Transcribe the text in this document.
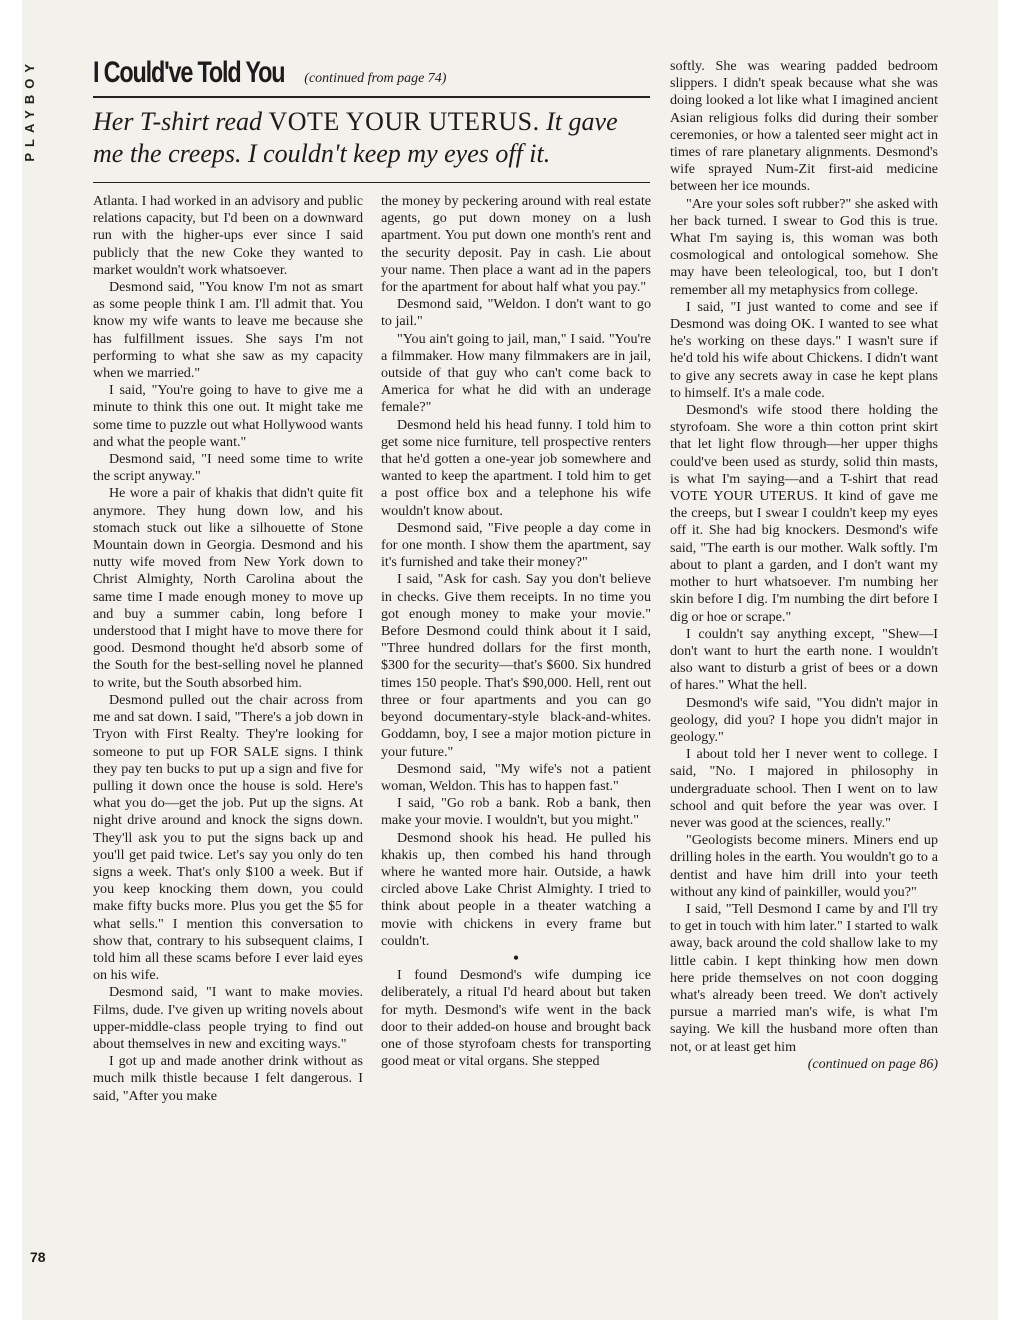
PLAYBOY
78
I Could've Told You (continued from page 74)
Her T-shirt read VOTE YOUR UTERUS. It gave me the creeps. I couldn't keep my eyes off it.

Atlanta. I had worked in an advisory and public relations capacity, but I'd been on a downward run with the higher-ups ever since I said publicly that the new Coke they wanted to market wouldn't work whatsoever.

Desmond said, "You know I'm not as smart as some people think I am. I'll admit that. You know my wife wants to leave me because she has fulfillment issues. She says I'm not performing to what she saw as my capacity when we married."

I said, "You're going to have to give me a minute to think this one out. It might take me some time to puzzle out what Hollywood wants and what the people want."

Desmond said, "I need some time to write the script anyway."

He wore a pair of khakis that didn't quite fit anymore. They hung down low, and his stomach stuck out like a silhouette of Stone Mountain down in Georgia. Desmond and his nutty wife moved from New York down to Christ Almighty, North Carolina about the same time I made enough money to move up and buy a summer cabin, long before I understood that I might have to move there for good. Desmond thought he'd absorb some of the South for the best-selling novel he planned to write, but the South absorbed him.

Desmond pulled out the chair across from me and sat down. I said, "There's a job down in Tryon with First Realty. They're looking for someone to put up FOR SALE signs. I think they pay ten bucks to put up a sign and five for pulling it down once the house is sold. Here's what you do—get the job. Put up the signs. At night drive around and knock the signs down. They'll ask you to put the signs back up and you'll get paid twice. Let's say you only do ten signs a week. That's only $100 a week. But if you keep knocking them down, you could make fifty bucks more. Plus you get the $5 for what sells." I mention this conversation to show that, contrary to his subsequent claims, I told him all these scams before I ever laid eyes on his wife.

Desmond said, "I want to make movies. Films, dude. I've given up writing novels about upper-middle-class people trying to find out about themselves in new and exciting ways."

I got up and made another drink without as much milk thistle because I felt dangerous. I said, "After you make

the money by peckering around with real estate agents, go put down money on a lush apartment. You put down one month's rent and the security deposit. Pay in cash. Lie about your name. Then place a want ad in the papers for the apartment for about half what you pay."

Desmond said, "Weldon. I don't want to go to jail."

"You ain't going to jail, man," I said. "You're a filmmaker. How many filmmakers are in jail, outside of that guy who can't come back to America for what he did with an underage female?"

Desmond held his head funny. I told him to get some nice furniture, tell prospective renters that he'd gotten a one-year job somewhere and wanted to keep the apartment. I told him to get a post office box and a telephone his wife wouldn't know about.

Desmond said, "Five people a day come in for one month. I show them the apartment, say it's furnished and take their money?"

I said, "Ask for cash. Say you don't believe in checks. Give them receipts. In no time you got enough money to make your movie." Before Desmond could think about it I said, "Three hundred dollars for the first month, $300 for the security—that's $600. Six hundred times 150 people. That's $90,000. Hell, rent out three or four apartments and you can go beyond documentary-style black-and-whites. Goddamn, boy, I see a major motion picture in your future."

Desmond said, "My wife's not a patient woman, Weldon. This has to happen fast."

I said, "Go rob a bank. Rob a bank, then make your movie. I wouldn't, but you might."

Desmond shook his head. He pulled his khakis up, then combed his hand through where he wanted more hair. Outside, a hawk circled above Lake Christ Almighty. I tried to think about people in a theater watching a movie with chickens in every frame but couldn't.

•

I found Desmond's wife dumping ice deliberately, a ritual I'd heard about but taken for myth. Desmond's wife went in the back door to their added-on house and brought back one of those styrofoam chests for transporting good meat or vital organs. She stepped

softly. She was wearing padded bedroom slippers. I didn't speak because what she was doing looked a lot like what I imagined ancient Asian religious folks did during their somber ceremonies, or how a talented seer might act in times of rare planetary alignments. Desmond's wife sprayed Num-Zit first-aid medicine between her ice mounds.

"Are your soles soft rubber?" she asked with her back turned. I swear to God this is true. What I'm saying is, this woman was both cosmological and ontological somehow. She may have been teleological, too, but I don't remember all my metaphysics from college.

I said, "I just wanted to come and see if Desmond was doing OK. I wanted to see what he's working on these days." I wasn't sure if he'd told his wife about Chickens. I didn't want to give any secrets away in case he kept plans to himself. It's a male code.

Desmond's wife stood there holding the styrofoam. She wore a thin cotton print skirt that let light flow through—her upper thighs could've been used as sturdy, solid thin masts, is what I'm saying—and a T-shirt that read VOTE YOUR UTERUS. It kind of gave me the creeps, but I swear I couldn't keep my eyes off it. She had big knockers. Desmond's wife said, "The earth is our mother. Walk softly. I'm about to plant a garden, and I don't want my mother to hurt whatsoever. I'm numbing her skin before I dig. I'm numbing the dirt before I dig or hoe or scrape."

I couldn't say anything except, "Shew—I don't want to hurt the earth none. I wouldn't also want to disturb a grist of bees or a down of hares." What the hell.

Desmond's wife said, "You didn't major in geology, did you? I hope you didn't major in geology."

I about told her I never went to college. I said, "No. I majored in philosophy in undergraduate school. Then I went on to law school and quit before the year was over. I never was good at the sciences, really."

"Geologists become miners. Miners end up drilling holes in the earth. You wouldn't go to a dentist and have him drill into your teeth without any kind of painkiller, would you?"

I said, "Tell Desmond I came by and I'll try to get in touch with him later." I started to walk away, back around the cold shallow lake to my little cabin. I kept thinking how men down here pride themselves on not coon dogging what's already been treed. We don't actively pursue a married man's wife, is what I'm saying. We kill the husband more often than not, or at least get him

(continued on page 86)
